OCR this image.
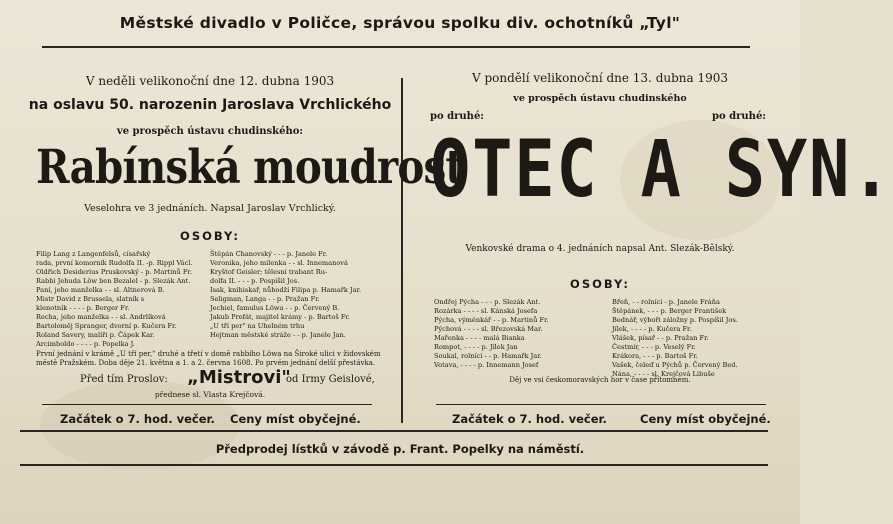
Městské divadlo v Poličce, správou spolku div. ochotníků „Tyl"
V neděli velikonoční dne 12. dubna 1903
na oslavu 50. narozenin Jaroslava Vrchlického
ve prospěch ústavu chudinského:
Rabínská moudrost
Veselohra ve 3 jednáních. Napsal Jaroslav Vrchlický.
OSOBY:
Filip Lang z Langenfelsů, císařský
rada, první komorník Rudolfa II. -p. Rippl Václ.
Oldřich Desiderius Pruskovský - p. Martinů Fr.
Rabbi Jehuda Löw ben Bezalel - p. Slezák Ant.
Paní, jeho manželka - - sl. Altnerová B.
Mistr David z Brussela, slatník s
klenotník - - - - p. Berger Fr.
Recha, jeho manželka - - sl. Andrlíková
Bartoloměj Spranger, dvorní p. Kučera Fr.
Roland Savery, malíři p. Čápek Kar.
Arcimboldo - - - - p. Popelka J.
Štěpán Chanovský - - - p. Janele Fr.
Veronika, jeho milenka - - sl. Innemanová
Kryštof Geisler; tělesní trabant Ru-
dolfa II. - - - p. Pospíšil Jos.
Isak, knihiskař, nůhodží Filipa p. Hamařk Jar.
Seligman, Langa - - p. Pražan Fr.
Jechiel, famulus Löwa - - p. Červený B.
Jakub Prefát, majitel krámy - p. Bartoš Fr.
„U tří per" na Uhelném trhu
Hejtman městské stráže - - p. Janele Jan.
První jednání v krámě „U tří per," druhé a třetí v domě rabbího Löwa na Široké ulici v židovském městě Pražském. Doba děje 21. května a 1. a 2. června 1608. Po prvém jednání delší přestávka.
Před tím Proslov: „Mistrovi"
od Irmy Geislové,
přednese sl. Vlasta Krejčová.
Začátek o 7. hod. večer. Ceny míst obyčejné.
V pondělí velikonoční dne 13. dubna 1903
ve prospěch ústavu chudinského
po druhé:	po druhé:
OTEC A SYN.
Venkovské drama o 4. jednáních napsal Ant. Slezák-Bělský.
OSOBY:
Ondřej Pýcha - - - p. Slezák Ant.
Rozárka - - - - sl. Kánská Josefa
Pýcha, výměnkář - - p. Martinů Fr.
Pýchová - - - - sl. Březovská Mar.
Mařenka - - - - malá Bianka
Rompot, - - - - p. Jílek Jan
Soukal, rolníci - - p. Hamařk Jar.
Votava, - - - - p. Innemann Josef
Břeň, - - rolníci - p. Janele Fráňa
Štěpánek, - - - p. Berger František
Bednář, výboři záložny p. Pospíšil Jos.
Jílek, - - - - p. Kučera Fr.
Vlášek, písař - - p. Pražan Fr.
Čestmír, - - - p. Veselý Fr.
Krákora, - - - p. Bartoš Fr.
Vašek, čeleď u Pýchů p. Červený Bed.
Nána, - - - - sl. Krejčová Libuše
Děj ve vsi českomoravských hor v čase přítomném.
Začátek o 7. hod. večer.	Ceny míst obyčejné.
Předprodej lístků v závodě p. Frant. Popelky na náměstí.
